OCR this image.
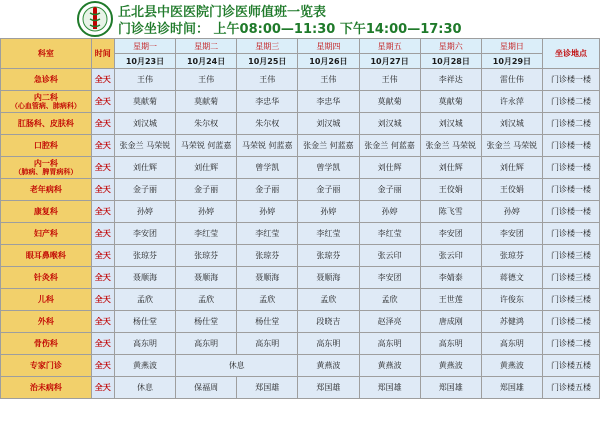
丘北县中医医院门诊医师值班一览表
门诊坐诊时间： 上午08:00—11:30 下午14:00—17:30
科室	时间	星期一	星期二	星期三	星期四	星期五	星期六	星期日	坐诊地点
		10月23日	10月24日	10月25日	10月26日	10月27日	10月28日	10月29日	

急诊科	全天	王伟	王伟	王伟	王伟	王伟	李祥达	雷仕伟	门诊楼一楼

内二科
（心血管病、肺病科）	全天	莫献菊	莫献菊	李忠华	李忠华	莫献菊	莫献菊	许永萍	门诊楼二楼

肛肠科、皮肤科	全天	刘汉城	朱尔权	朱尔权	刘汉城	刘汉城	刘汉城	刘汉城	门诊楼二楼

口腔科	全天	张金兰 马荣锐	马荣锐 何蓝嘉	马荣锐 何蓝嘉	张金兰 何蓝嘉	张金兰 何蓝嘉	张金兰 马荣锐	张金兰 马荣锐	门诊楼一楼

内一科
（肺病、脾胃病科）	全天	刘仕辉	刘仕辉	曾学凯	曾学凯	刘仕辉	刘仕辉	刘仕辉	门诊楼一楼

老年病科	全天	金子丽	金子丽	金子丽	金子丽	金子丽	王佼娟	王佼娟	门诊楼一楼

康复科	全天	孙婷	孙婷	孙婷	孙婷	孙婷	陈飞雪	孙婷	门诊楼一楼

妇产科	全天	李安团	李红莹	李红莹	李红莹	李红莹	李安团	李安团	门诊楼一楼

眼耳鼻喉科	全天	张琼芬	张琼芬	张琼芬	张琼芬	张云印	张云印	张琼芬	门诊楼三楼

针灸科	全天	聂顺海	聂顺海	聂顺海	聂顺海	李安团	李婧泰	蒋德文	门诊楼三楼

儿科	全天	孟欣	孟欣	孟欣	孟欣	孟欣	王世莲	许俊东	门诊楼三楼

外科	全天	杨仕堂	杨仕堂	杨仕堂	段晓吉	赵泽亮	唐成刚	苏健鸿	门诊楼二楼

骨伤科	全天	高东明	高东明	高东明	高东明	高东明	高东明	高东明	门诊楼二楼

专家门诊	全天	黄燕波	休息		黄燕波	黄燕波	黄燕波	黄燕波	门诊楼五楼

治未病科	全天	休息	保福周	郑国雄	郑国雄	郑国雄	郑国雄	郑国雄	门诊楼五楼
